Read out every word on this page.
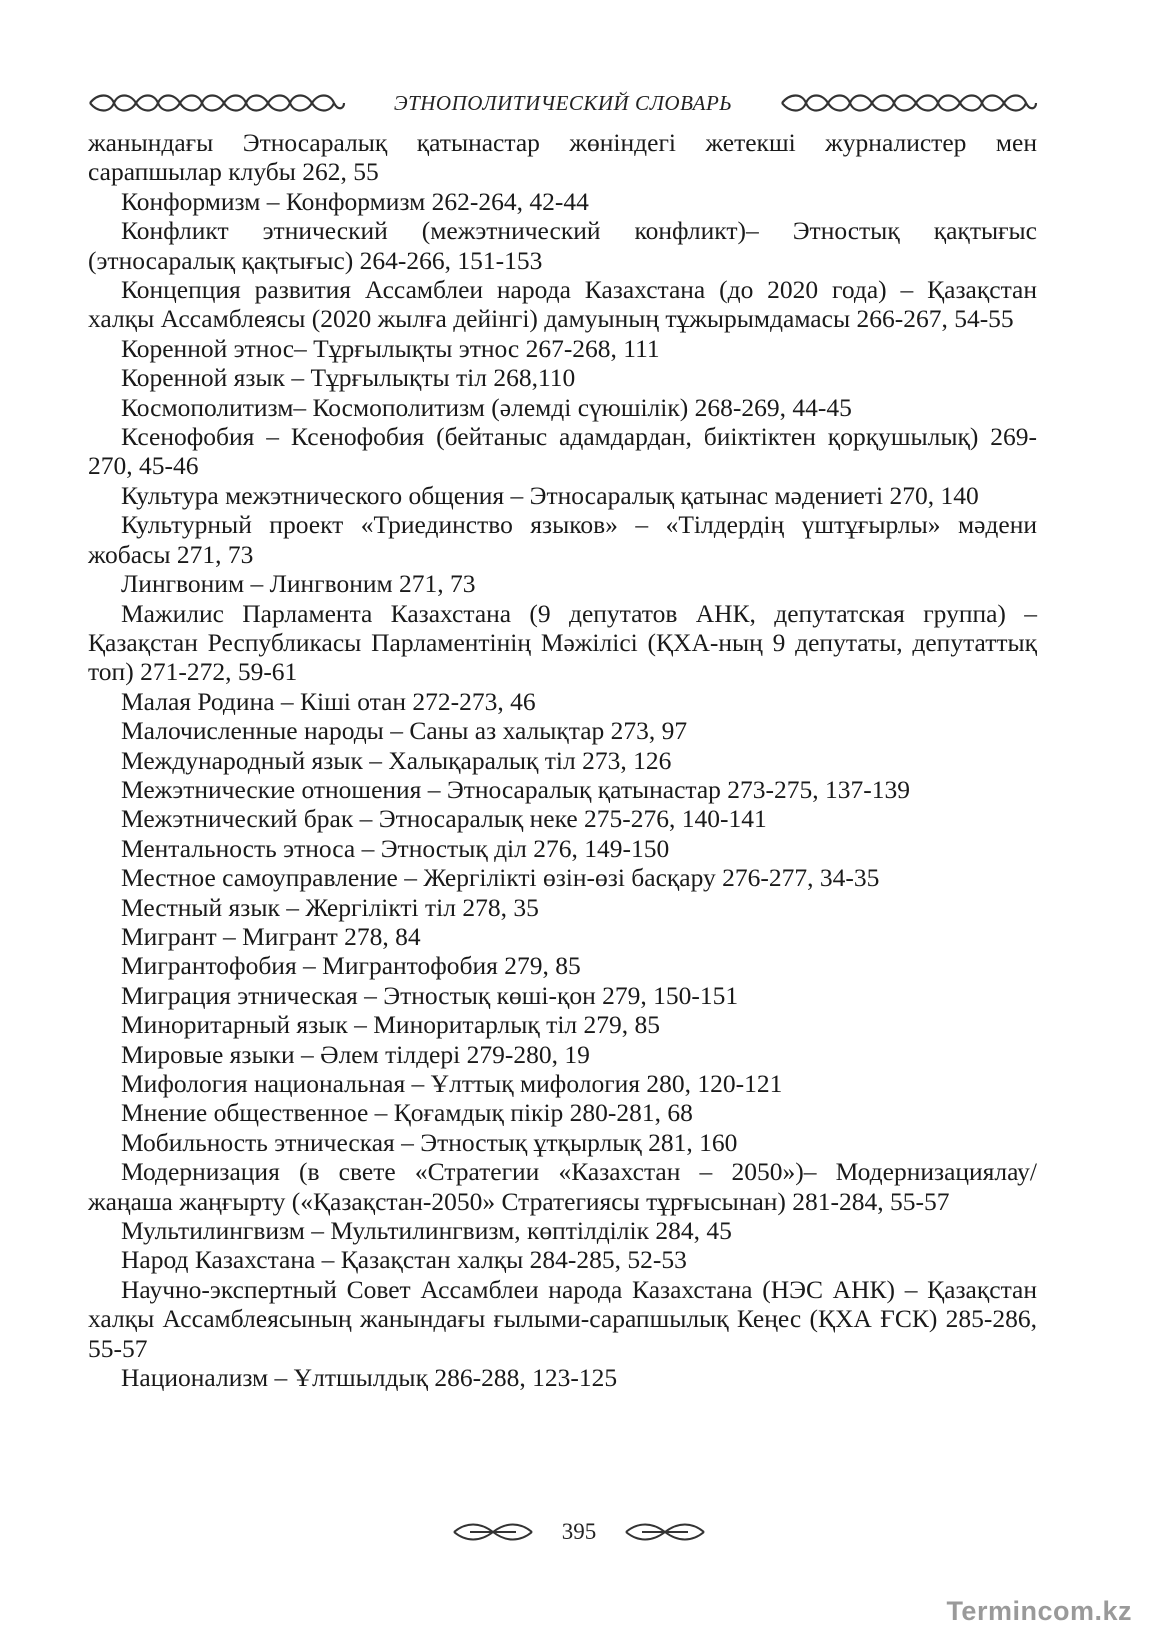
ЭТНОПОЛИТИЧЕСКИЙ СЛОВАРЬ

жанындағы Этносаралық қатынастар жөніндегі жетекші журналистер мен сарапшылар клубы 262, 55

Конформизм – Конформизм 262-264, 42-44

Конфликт этнический (межэтнический конфликт)– Этностық қақтығыс (этносаралық қақтығыс) 264-266, 151-153

Концепция развития Ассамблеи народа Казахстана (до 2020 года) – Қазақстан халқы Ассамблеясы (2020 жылға дейінгі) дамуының тұжырымдамасы 266-267, 54-55

Коренной этнос– Тұрғылықты этнос 267-268, 111

Коренной язык – Тұрғылықты тіл 268,110

Космополитизм– Космополитизм (әлемді сүюшілік) 268-269, 44-45

Ксенофобия – Ксенофобия (бейтаныс адамдардан, биіктіктен қорқушылық) 269-270, 45-46

Культура межэтнического общения – Этносаралық қатынас мәдениеті 270, 140

Культурный проект «Триединство языков» – «Тілдердің үштұғырлы» мәдени жобасы 271, 73

Лингвоним – Лингвоним 271, 73

Мажилис Парламента Казахстана (9 депутатов АНК, депутатская группа) – Қазақстан Республикасы Парламентінің Мәжілісі (ҚХА-ның 9 депутаты, депутаттық топ) 271-272, 59-61

Малая Родина – Кіші отан 272-273, 46

Малочисленные народы – Саны аз халықтар 273, 97

Международный язык – Халықаралық тіл 273, 126

Межэтнические отношения – Этносаралық қатынастар 273-275, 137-139

Межэтнический брак – Этносаралық неке 275-276, 140-141

Ментальность этноса – Этностық діл 276, 149-150

Местное самоуправление – Жергілікті өзін-өзі басқару 276-277, 34-35

Местный язык – Жергілікті тіл 278, 35

Мигрант – Мигрант 278, 84

Мигрантофобия – Мигрантофобия 279, 85

Миграция этническая – Этностық көші-қон 279, 150-151

Миноритарный язык – Миноритарлық тіл 279, 85

Мировые языки – Әлем тілдері 279-280, 19

Мифология национальная – Ұлттық мифология 280, 120-121

Мнение общественное – Қоғамдық пікір 280-281, 68

Мобильность этническая – Этностық ұтқырлық 281, 160

Модернизация (в свете «Стратегии «Казахстан – 2050»)– Модернизациялау/ жаңаша жаңғырту («Қазақстан-2050» Стратегиясы тұрғысынан) 281-284, 55-57

Мультилингвизм – Мультилингвизм, көптілділік 284, 45

Народ Казахстана – Қазақстан халқы 284-285, 52-53

Научно-экспертный Совет Ассамблеи народа Казахстана (НЭС АНК) – Қазақстан халқы Ассамблеясының жанындағы ғылыми-сарапшылық Кеңес (ҚХА ҒСК) 285-286, 55-57

Национализм – Ұлтшылдық 286-288, 123-125

395
Termincom.kz
